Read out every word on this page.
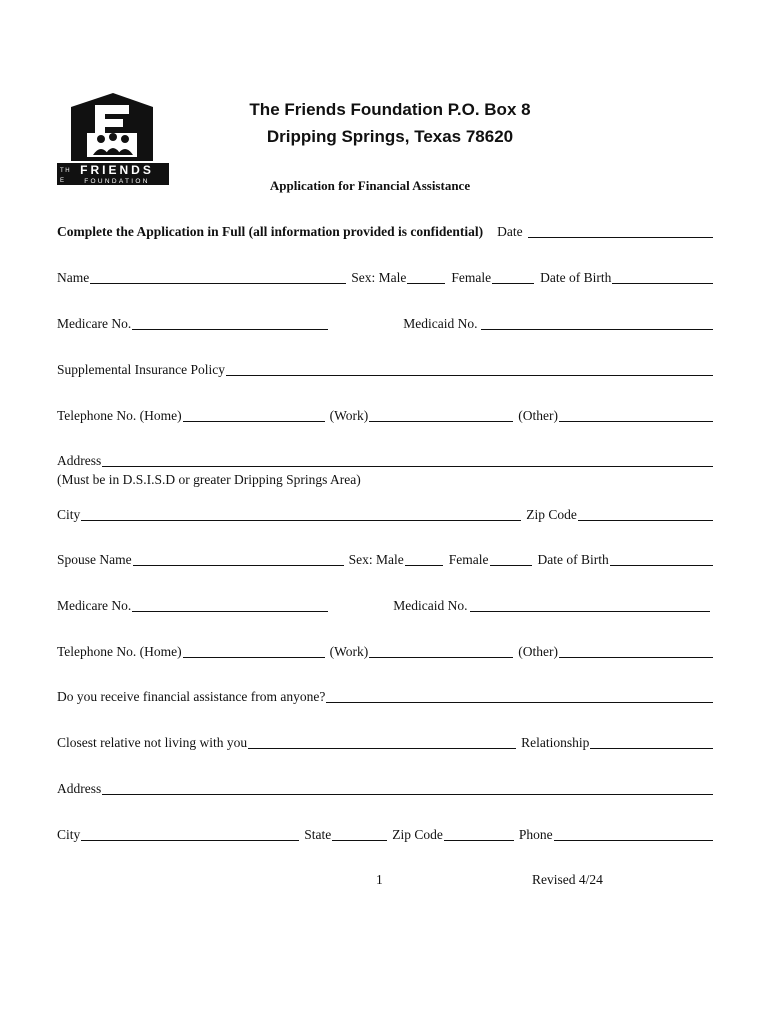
T H
E
FRIENDS
FOUNDATION
The Friends Foundation P.O. Box 8
Dripping Springs, Texas 78620
Application for Financial Assistance
Complete the Application in Full (all information provided is confidential) Date
Name	Sex: Male	Female	Date of Birth
Medicare No.	Medicaid No.
Supplemental Insurance Policy
Telephone No. (Home)	(Work)	(Other)
Address
(Must be in D.S.I.S.D or greater Dripping Springs Area)
City	Zip Code
Spouse Name	Sex: Male	Female	Date of Birth
Medicare No.	Medicaid No.
Telephone No. (Home)	(Work)	(Other)
Do you receive financial assistance from anyone?
Closest relative not living with you	Relationship
Address
City	State	Zip Code	Phone
1	Revised 4/24
